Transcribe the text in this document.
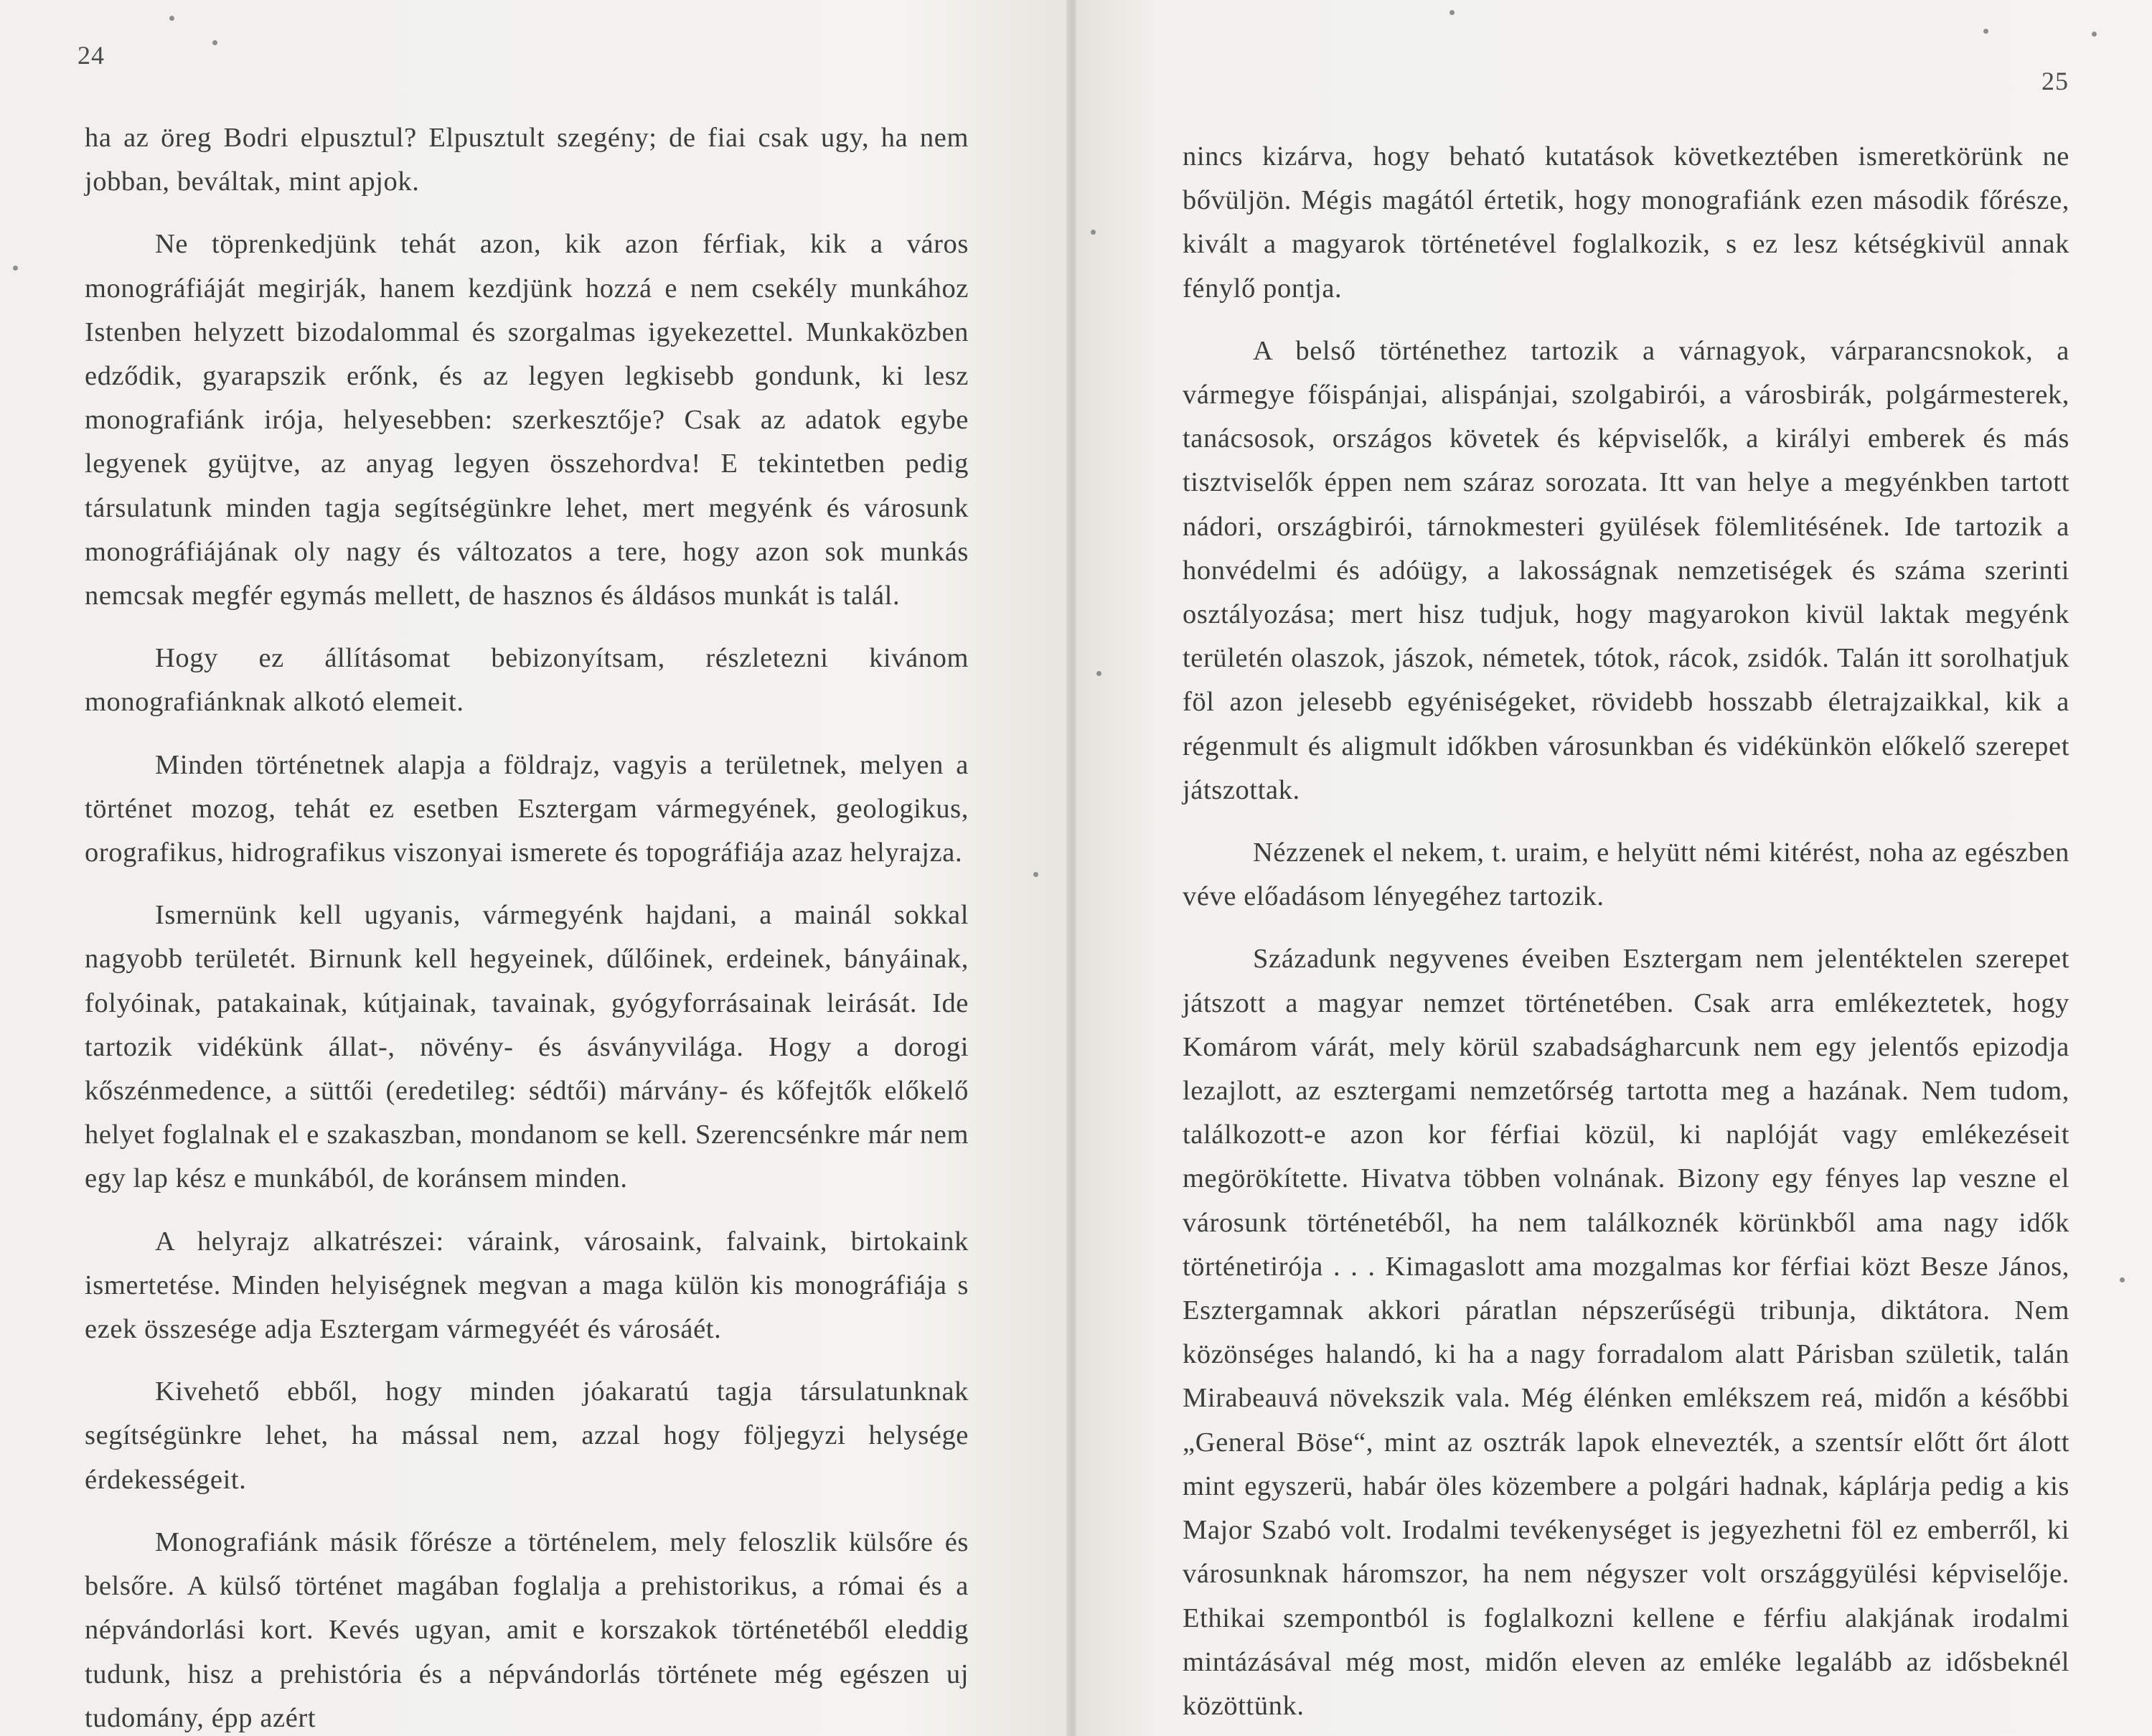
24

ha az öreg Bodri elpusztul? Elpusztult szegény; de fiai csak ugy, ha nem jobban, beváltak, mint apjok.

Ne töprenkedjünk tehát azon, kik azon férfiak, kik a város monográfiáját megirják, hanem kezdjünk hozzá e nem csekély munkához Istenben helyzett bizodalommal és szorgalmas igyekezettel. Munkaközben edződik, gyarapszik erőnk, és az legyen legkisebb gondunk, ki lesz monografiánk irója, helyesebben: szerkesztője? Csak az adatok egybe legyenek gyüjtve, az anyag legyen összehordva! E tekintetben pedig társulatunk minden tagja segítségünkre lehet, mert megyénk és városunk monográfiájának oly nagy és változatos a tere, hogy azon sok munkás nemcsak megfér egymás mellett, de hasznos és áldásos munkát is talál.

Hogy ez állításomat bebizonyítsam, részletezni kivánom monografiánknak alkotó elemeit.

Minden történetnek alapja a földrajz, vagyis a területnek, melyen a történet mozog, tehát ez esetben Esztergam vármegyének, geologikus, orografikus, hidrografikus viszonyai ismerete és topográfiája azaz helyrajza.

Ismernünk kell ugyanis, vármegyénk hajdani, a mainál sokkal nagyobb területét. Birnunk kell hegyeinek, dűlőinek, erdeinek, bányáinak, folyóinak, patakainak, kútjainak, tavainak, gyógyforrásainak leirását. Ide tartozik vidékünk állat-, növény- és ásványvilága. Hogy a dorogi kőszénmedence, a süttői (eredetileg: sédtői) márvány- és kőfejtők előkelő helyet foglalnak el e szakaszban, mondanom se kell. Szerencsénkre már nem egy lap kész e munkából, de koránsem minden.

A helyrajz alkatrészei: váraink, városaink, falvaink, birtokaink ismertetése. Minden helyiségnek megvan a maga külön kis monográfiája s ezek összesége adja Esztergam vármegyéét és városáét.

Kivehető ebből, hogy minden jóakaratú tagja társulatunknak segítségünkre lehet, ha mással nem, azzal hogy följegyzi helysége érdekességeit.

Monografiánk másik főrésze a történelem, mely feloszlik külsőre és belsőre. A külső történet magában foglalja a prehistorikus, a római és a népvándorlási kort. Kevés ugyan, amit e korszakok történetéből eleddig tudunk, hisz a prehistória és a népvándorlás története még egészen uj tudomány, épp azért

25

nincs kizárva, hogy beható kutatások következtében ismeretkörünk ne bővüljön. Mégis magától értetik, hogy monografiánk ezen második főrésze, kivált a magyarok történetével foglalkozik, s ez lesz kétségkivül annak fénylő pontja.

A belső történethez tartozik a várnagyok, várparancsnokok, a vármegye főispánjai, alispánjai, szolgabirói, a városbirák, polgármesterek, tanácsosok, országos követek és képviselők, a királyi emberek és más tisztviselők éppen nem száraz sorozata. Itt van helye a megyénkben tartott nádori, országbirói, tárnokmesteri gyülések fölemlitésének. Ide tartozik a honvédelmi és adóügy, a lakosságnak nemzetiségek és száma szerinti osztályozása; mert hisz tudjuk, hogy magyarokon kivül laktak megyénk területén olaszok, jászok, németek, tótok, rácok, zsidók. Talán itt sorolhatjuk föl azon jelesebb egyéniségeket, rövidebb hosszabb életrajzaikkal, kik a régenmult és aligmult időkben városunkban és vidékünkön előkelő szerepet játszottak.

Nézzenek el nekem, t. uraim, e helyütt némi kitérést, noha az egészben véve előadásom lényegéhez tartozik.

Századunk negyvenes éveiben Esztergam nem jelentéktelen szerepet játszott a magyar nemzet történetében. Csak arra emlékeztetek, hogy Komárom várát, mely körül szabadságharcunk nem egy jelentős epizodja lezajlott, az esztergami nemzetőrség tartotta meg a hazának. Nem tudom, találkozott-e azon kor férfiai közül, ki naplóját vagy emlékezéseit megörökítette. Hivatva többen volnának. Bizony egy fényes lap veszne el városunk történetéből, ha nem találkoznék körünkből ama nagy idők történetirója . . . Kimagaslott ama mozgalmas kor férfiai közt Besze János, Esztergamnak akkori páratlan népszerűségü tribunja, diktátora. Nem közönséges halandó, ki ha a nagy forradalom alatt Párisban születik, talán Mirabeauvá növekszik vala. Még élénken emlékszem reá, midőn a későbbi „General Böse“, mint az osztrák lapok elnevezték, a szentsír előtt őrt álott mint egyszerü, habár öles közembere a polgári hadnak, káplárja pedig a kis Major Szabó volt. Irodalmi tevékenységet is jegyezhetni föl ez emberről, ki városunknak háromszor, ha nem négyszer volt országgyülési képviselője. Ethikai szempontból is foglalkozni kellene e férfiu alakjának irodalmi mintázásával még most, midőn eleven az emléke legalább az idősbeknél közöttünk.
